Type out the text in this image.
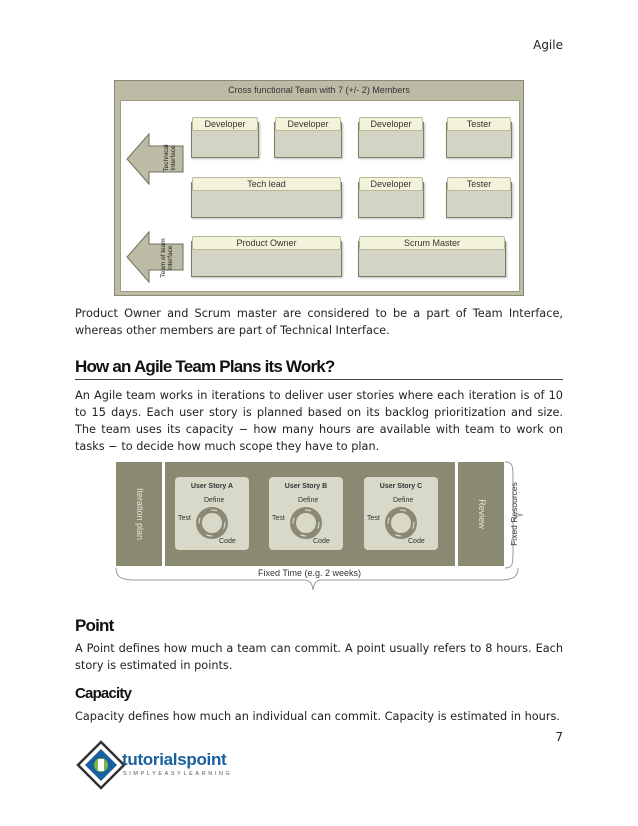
Agile
Cross functional Team with 7 (+/- 2) Members
Technical Interface
Team of team interface
Developer	Developer	Developer	Tester
Tech lead	Developer	Tester
Product Owner	Scrum Master

Product Owner and Scrum master are considered to be a part of Team Interface, whereas other members are part of Technical Interface.

How an Agile Team Plans its Work?

An Agile team works in iterations to deliver user stories where each iteration is of 10 to 15 days. Each user story is planned based on its backlog prioritization and size. The team uses its capacity − how many hours are available with team to work on tasks − to decide how much scope they have to plan.

Iteration plan	Review
User Story A
Define
Test
Code
User Story B
Define
Test
Code
User Story C
Define
Test
Code	Fixed Resources
Fixed Time (e.g. 2 weeks)
Point

A Point defines how much a team can commit. A point usually refers to 8 hours. Each story is estimated in points.

Capacity

Capacity defines how much an individual can commit. Capacity is estimated in hours.

7
tutorialspoint
SIMPLYEASYLEARNING
